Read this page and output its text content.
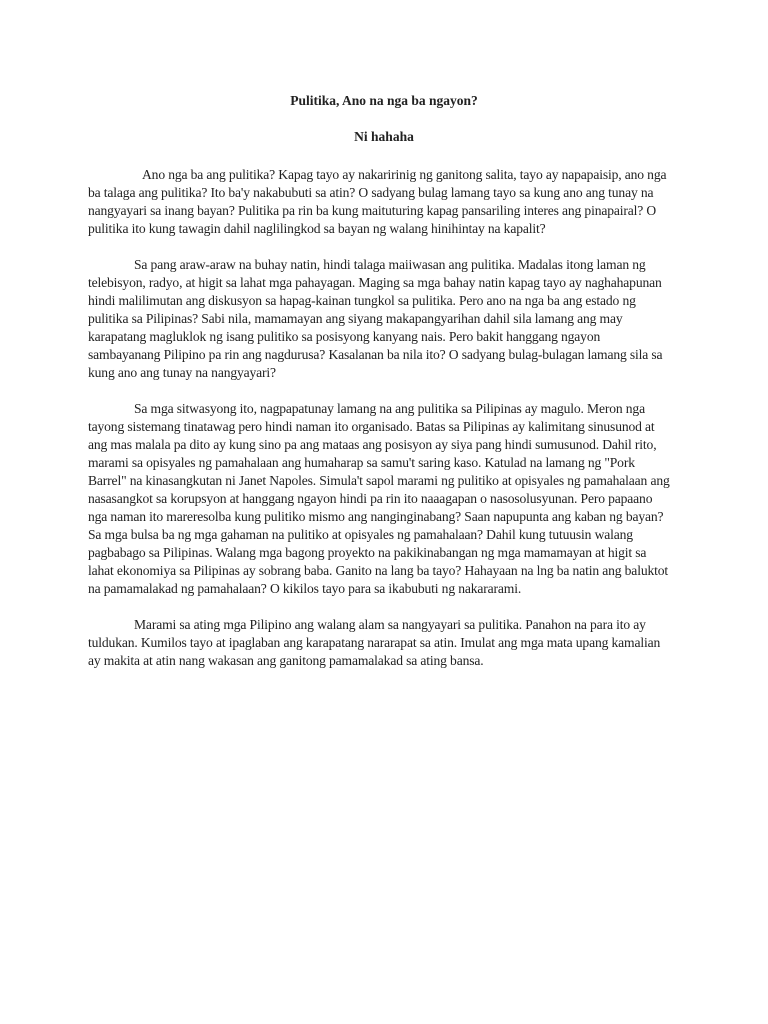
Pulitika, Ano na nga ba ngayon?

Ni hahaha

Ano nga ba ang pulitika? Kapag tayo ay nakaririnig ng ganitong salita, tayo ay napapaisip, ano nga ba talaga ang pulitika? Ito ba'y nakabubuti sa atin? O sadyang bulag lamang tayo sa kung ano ang tunay na nangyayari sa inang bayan? Pulitika pa rin ba kung maituturing kapag pansariling interes ang pinapairal? O pulitika ito kung tawagin dahil naglilingkod sa bayan ng walang hinihintay na kapalit?

Sa pang araw-araw na buhay natin, hindi talaga maiiwasan ang pulitika. Madalas itong laman ng telebisyon, radyo, at higit sa lahat mga pahayagan. Maging sa mga bahay natin kapag tayo ay naghahapunan hindi malilimutan ang diskusyon sa hapag-kainan tungkol sa pulitika. Pero ano na nga ba ang estado ng pulitika sa Pilipinas? Sabi nila, mamamayan ang siyang makapangyarihan dahil sila lamang ang may karapatang magluklok ng isang pulitiko sa posisyong kanyang nais. Pero bakit hanggang ngayon sambayanang Pilipino pa rin ang nagdurusa? Kasalanan ba nila ito? O sadyang bulag-bulagan lamang sila sa kung ano ang tunay na nangyayari?

Sa mga sitwasyong ito, nagpapatunay lamang na ang pulitika sa Pilipinas ay magulo. Meron nga tayong sistemang tinatawag pero hindi naman ito organisado. Batas sa Pilipinas ay kalimitang sinusunod at ang mas malala pa dito ay kung sino pa ang mataas ang posisyon ay siya pang hindi sumusunod. Dahil rito, marami sa opisyales ng pamahalaan ang humaharap sa samu't saring kaso. Katulad na lamang ng "Pork Barrel" na kinasangkutan ni Janet Napoles. Simula't sapol marami ng pulitiko at opisyales ng pamahalaan ang nasasangkot sa korupsyon at hanggang ngayon hindi pa rin ito naaagapan o nasosolusyunan. Pero papaano nga naman ito mareresolba kung pulitiko mismo ang nanginginabang? Saan napupunta ang kaban ng bayan? Sa mga bulsa ba ng mga gahaman na pulitiko at opisyales ng pamahalaan? Dahil kung tutuusin walang pagbabago sa Pilipinas. Walang mga bagong proyekto na pakikinabangan ng mga mamamayan at higit sa lahat ekonomiya sa Pilipinas ay sobrang baba. Ganito na lang ba tayo? Hahayaan na lng ba natin ang baluktot na pamamalakad ng pamahalaan? O kikilos tayo para sa ikabubuti ng nakararami.

Marami sa ating mga Pilipino ang walang alam sa nangyayari sa pulitika. Panahon na para ito ay tuldukan. Kumilos tayo at ipaglaban ang karapatang nararapat sa atin. Imulat ang mga mata upang kamalian ay makita at atin nang wakasan ang ganitong pamamalakad sa ating bansa.
